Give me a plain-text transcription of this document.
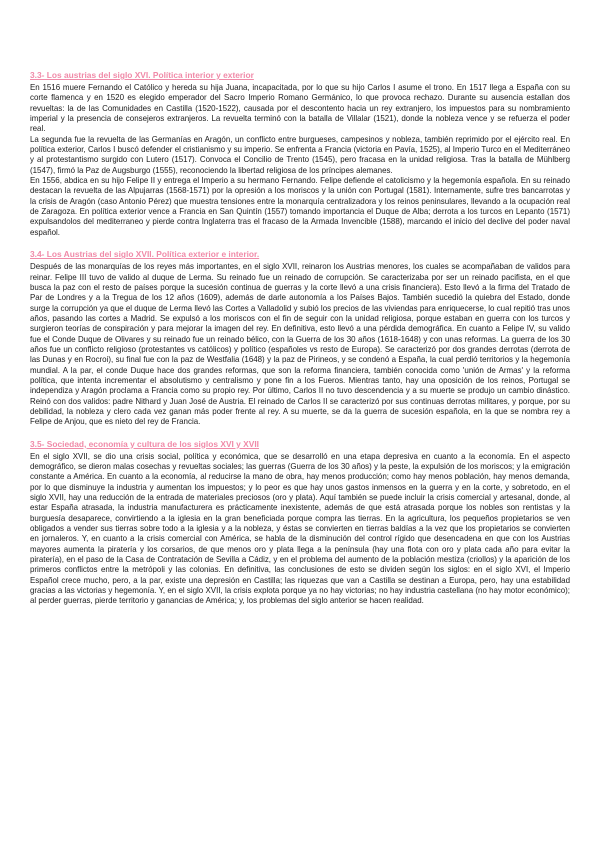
3.3- Los austrias del siglo XVI. Política interior y exterior
En 1516 muere Fernando el Católico y hereda su hija Juana, incapacitada, por lo que su hijo Carlos I asume el trono. En 1517 llega a España con su corte flamenca y en 1520 es elegido emperador del Sacro Imperio Romano Germánico, lo que provoca rechazo. Durante su ausencia estallan dos revueltas: la de las Comunidades en Castilla (1520-1522), causada por el descontento hacia un rey extranjero, los impuestos para su nombramiento imperial y la presencia de consejeros extranjeros. La revuelta terminó con la batalla de Villalar (1521), donde la nobleza vence y se refuerza el poder real.
La segunda fue la revuelta de las Germanías en Aragón, un conflicto entre burgueses, campesinos y nobleza, también reprimido por el ejército real. En política exterior, Carlos I buscó defender el cristianismo y su imperio. Se enfrenta a Francia (victoria en Pavía, 1525), al Imperio Turco en el Mediterráneo y al protestantismo surgido con Lutero (1517). Convoca el Concilio de Trento (1545), pero fracasa en la unidad religiosa. Tras la batalla de Mühlberg (1547), firmó la Paz de Augsburgo (1555), reconociendo la libertad religiosa de los príncipes alemanes.
En 1556, abdica en su hijo Felipe II y entrega el Imperio a su hermano Fernando. Felipe defiende el catolicismo y la hegemonía española. En su reinado destacan la revuelta de las Alpujarras (1568-1571) por la opresión a los moriscos y la unión con Portugal (1581). Internamente, sufre tres bancarrotas y la crisis de Aragón (caso Antonio Pérez) que muestra tensiones entre la monarquía centralizadora y los reinos peninsulares, llevando a la ocupación real de Zaragoza. En política exterior vence a Francia en San Quintín (1557) tomando importancia el Duque de Alba; derrota a los turcos en Lepanto (1571) expulsandolos del mediterraneo y pierde contra Inglaterra tras el fracaso de la Armada Invencible (1588), marcando el inicio del declive del poder naval español.
3.4- Los Austrias del siglo XVII. Política exterior e interior.
Después de las monarquías de los reyes más importantes, en el siglo XVII, reinaron los Austrias menores, los cuales se acompañaban de validos para reinar. Felipe III tuvo de valido al duque de Lerma. Su reinado fue un reinado de corrupción. Se caracterizaba por ser un reinado pacifista, en el que busca la paz con el resto de países porque la sucesión continua de guerras y la corte llevó a una crisis financiera). Esto llevó a la firma del Tratado de Par de Londres y a la Tregua de los 12 años (1609), además de darle autonomía a los Países Bajos. También sucedió la quiebra del Estado, donde surge la corrupción ya que el duque de Lerma llevó las Cortes a Valladolid y subió los precios de las viviendas para enriquecerse, lo cual repitió tras unos años, pasando las cortes a Madrid. Se expulsó a los moriscos con el fin de seguir con la unidad religiosa, porque estaban en guerra con los turcos y surgieron teorías de conspiración y para mejorar la imagen del rey. En definitiva, esto llevó a una pérdida demográfica. En cuanto a Felipe IV, su valido fue el Conde Duque de Olivares y su reinado fue un reinado bélico, con la Guerra de los 30 años (1618-1648) y con unas reformas. La guerra de los 30 años fue un conflicto religioso (protestantes vs católicos) y político (españoles vs resto de Europa). Se caracterizó por dos grandes derrotas (derrota de las Dunas y en Rocroi), su final fue con la paz de Westfalia (1648) y la paz de Pirineos, y se condenó a España, la cual perdió territorios y la hegemonía mundial. A la par, el conde Duque hace dos grandes reformas, que son la reforma financiera, también conocida como 'unión de Armas' y la reforma política, que intenta incrementar el absolutismo y centralismo y pone fin a los Fueros. Mientras tanto, hay una oposición de los reinos, Portugal se independiza y Aragón proclama a Francia como su propio rey. Por último, Carlos II no tuvo descendencia y a su muerte se produjo un cambio dinástico. Reinó con dos validos: padre Nithard y Juan José de Austria. El reinado de Carlos II se caracterizó por sus continuas derrotas militares, y porque, por su debilidad, la nobleza y clero cada vez ganan más poder frente al rey. A su muerte, se da la guerra de sucesión española, en la que se nombra rey a Felipe de Anjou, que es nieto del rey de Francia.
3.5- Sociedad, economía y cultura de los siglos XVI y XVII
En el siglo XVII, se dio una crisis social, política y económica, que se desarrolló en una etapa depresiva en cuanto a la economía. En el aspecto demográfico, se dieron malas cosechas y revueltas sociales; las guerras (Guerra de los 30 años) y la peste, la expulsión de los moriscos; y la emigración constante a América. En cuanto a la economía, al reducirse la mano de obra, hay menos producción; como hay menos población, hay menos demanda, por lo que disminuye la industria y aumentan los impuestos; y lo peor es que hay unos gastos inmensos en la guerra y en la corte, y sobretodo, en el siglo XVII, hay una reducción de la entrada de materiales preciosos (oro y plata). Aquí también se puede incluir la crisis comercial y artesanal, donde, al estar España atrasada, la industria manufacturera es prácticamente inexistente, además de que está atrasada porque los nobles son rentistas y la burguesía desaparece, convirtiendo a la iglesia en la gran beneficiada porque compra las tierras. En la agricultura, los pequeños propietarios se ven obligados a vender sus tierras sobre todo a la iglesia y a la nobleza, y éstas se convierten en tierras baldías a la vez que los propietarios se convierten en jornaleros. Y, en cuanto a la crisis comercial con América, se habla de la disminución del control rígido que desencadena en que con los Austrias mayores aumenta la piratería y los corsarios, de que menos oro y plata llega a la península (hay una flota con oro y plata cada año para evitar la piratería), en el paso de la Casa de Contratación de Sevilla a Cádiz, y en el problema del aumento de la población mestiza (criollos) y la aparición de los primeros conflictos entre la metrópoli y las colonias. En definitiva, las conclusiones de esto se dividen según los siglos: en el siglo XVI, el Imperio Español crece mucho, pero, a la par, existe una depresión en Castilla; las riquezas que van a Castilla se destinan a Europa, pero, hay una estabilidad gracias a las victorias y hegemonía. Y, en el siglo XVII, la crisis explota porque ya no hay victorias; no hay industria castellana (no hay motor económico); al perder guerras, pierde territorio y ganancias de América; y, los problemas del siglo anterior se hacen realidad.
